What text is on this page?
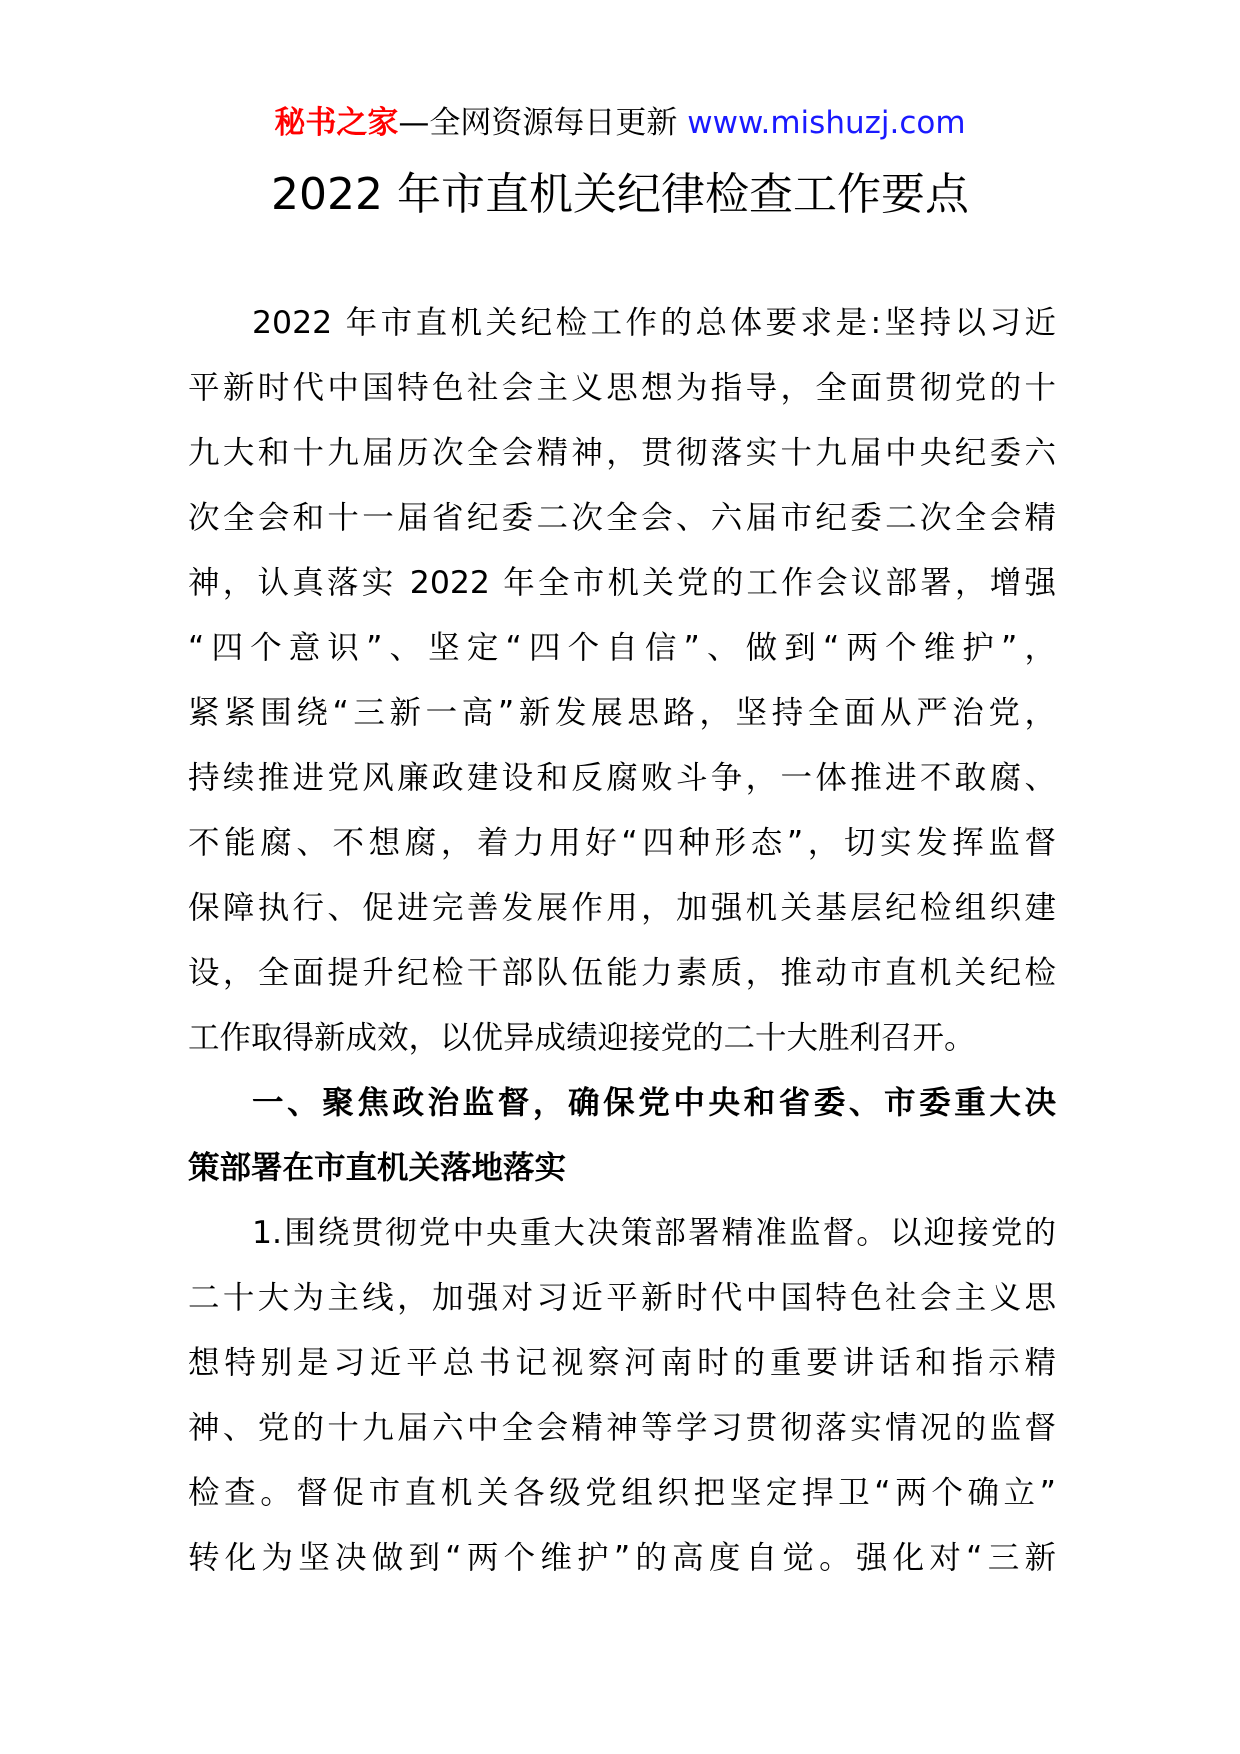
秘书之家—全网资源每日更新 www.mishuzj.com
2022 年市直机关纪律检查工作要点
2022 年市直机关纪检工作的总体要求是:坚持以习近
平新时代中国特色社会主义思想为指导，全面贯彻党的十
九大和十九届历次全会精神，贯彻落实十九届中央纪委六
次全会和十一届省纪委二次全会、六届市纪委二次全会精
神，认真落实 2022 年全市机关党的工作会议部署，增强
“四个意识”、坚定“四个自信”、做到“两个维护”，
紧紧围绕“三新一高”新发展思路，坚持全面从严治党，
持续推进党风廉政建设和反腐败斗争，一体推进不敢腐、
不能腐、不想腐，着力用好“四种形态”，切实发挥监督
保障执行、促进完善发展作用，加强机关基层纪检组织建
设，全面提升纪检干部队伍能力素质，推动市直机关纪检
工作取得新成效，以优异成绩迎接党的二十大胜利召开。
一、聚焦政治监督，确保党中央和省委、市委重大决
策部署在市直机关落地落实
1.围绕贯彻党中央重大决策部署精准监督。以迎接党的
二十大为主线，加强对习近平新时代中国特色社会主义思
想特别是习近平总书记视察河南时的重要讲话和指示精
神、党的十九届六中全会精神等学习贯彻落实情况的监督
检查。督促市直机关各级党组织把坚定捍卫“两个确立”
转化为坚决做到“两个维护”的高度自觉。强化对“三新
